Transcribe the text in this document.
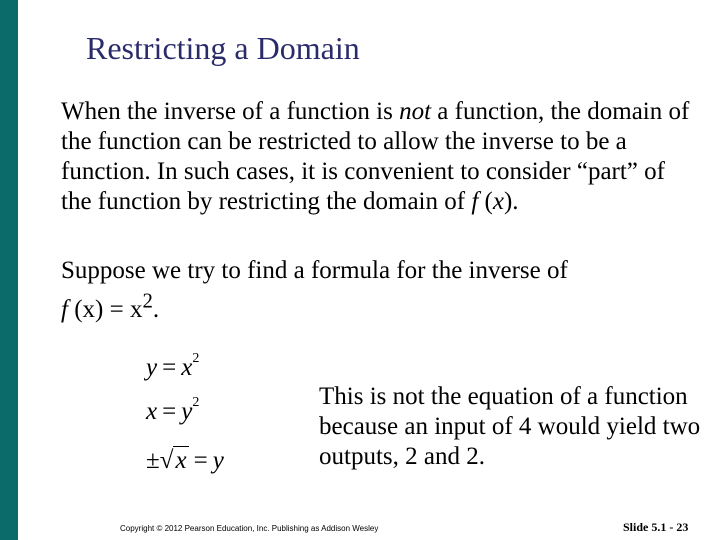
Restricting a Domain
When the inverse of a function is not a function, the domain of the function can be restricted to allow the inverse to be a function. In such cases, it is convenient to consider “part” of the function by restricting the domain of f (x).
Suppose we try to find a formula for the inverse of
f $(x) = x^2$.
$y = x^2$
$x = y^2$
±√x = y
This is not the equation of a function because an input of 4 would yield two outputs, 2 and 2.
Copyright © 2012 Pearson Education, Inc. Publishing as Addison Wesley	Slide 5.1 - 23
